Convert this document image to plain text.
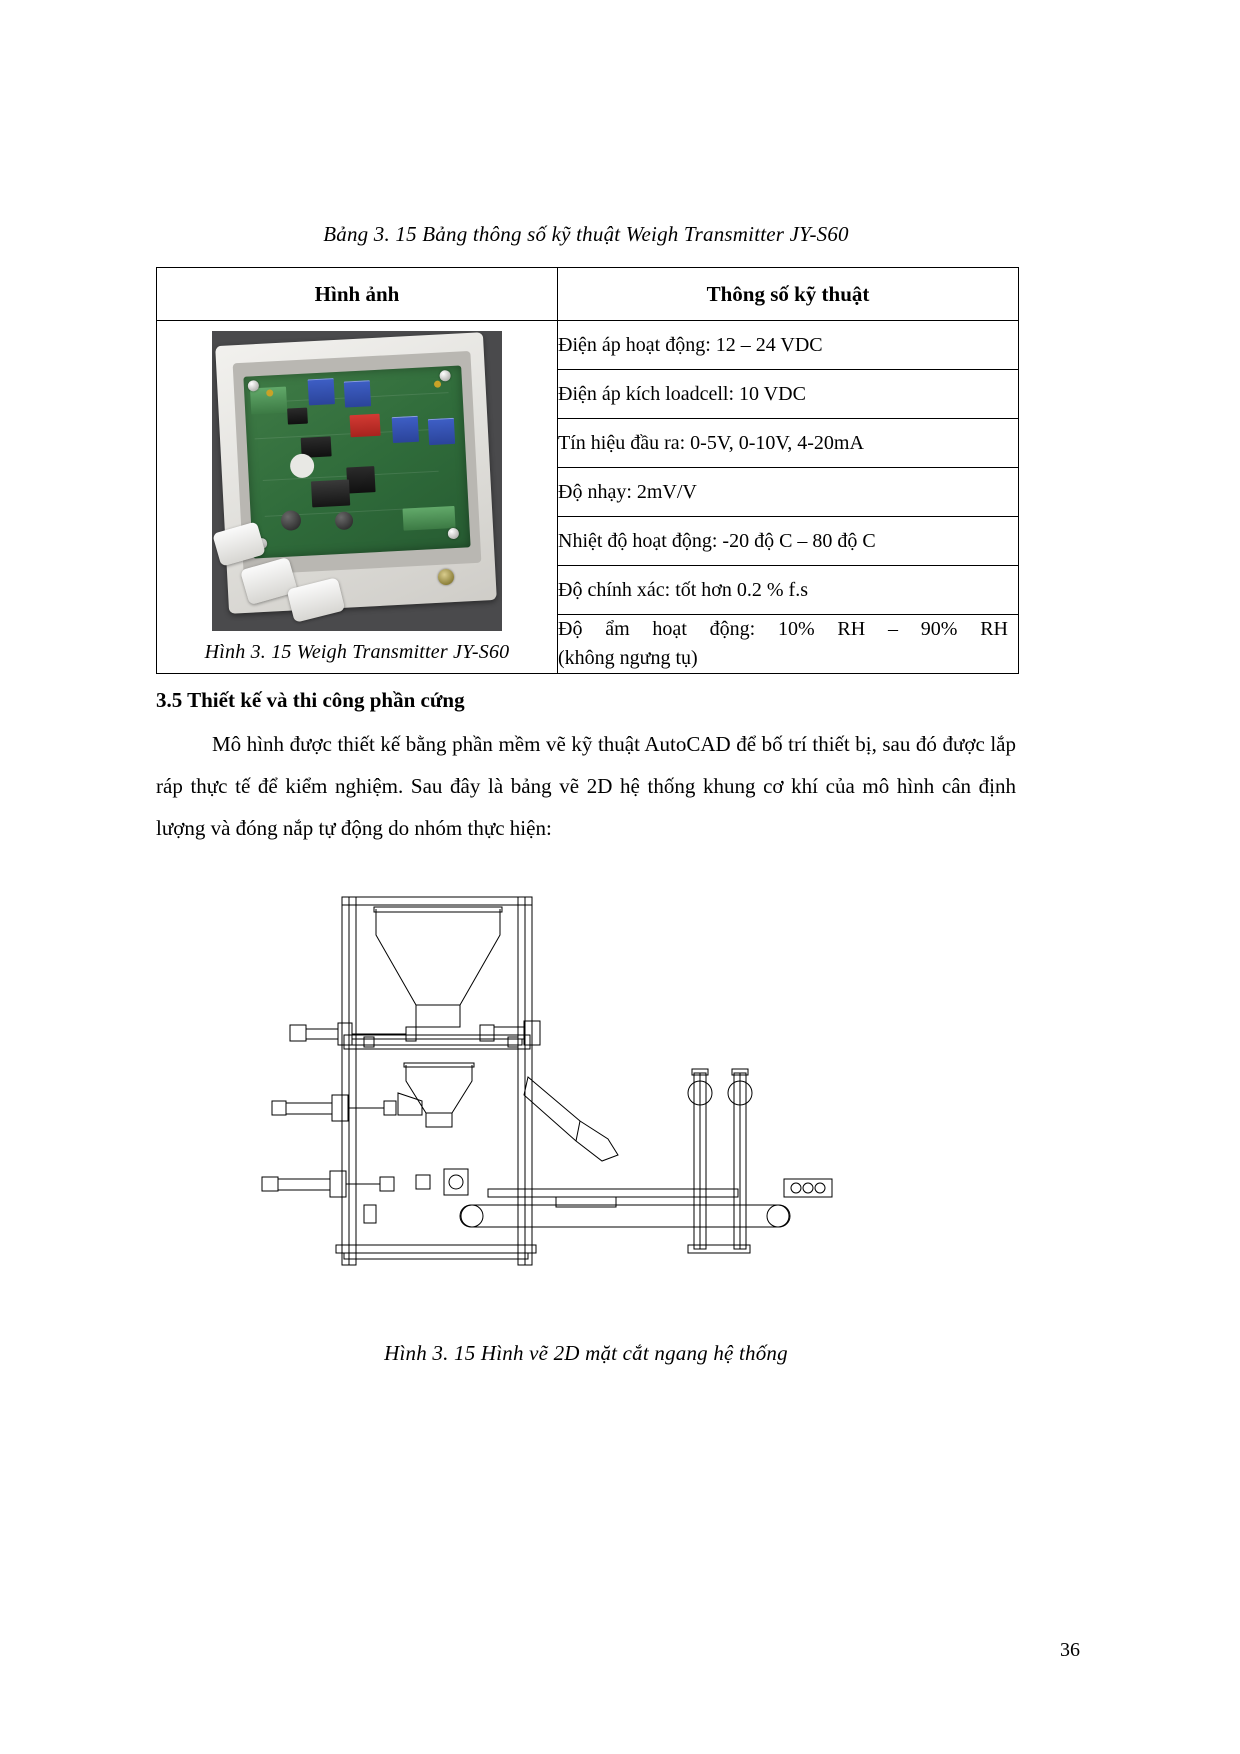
Bảng 3. 15 Bảng thông số kỹ thuật Weigh Transmitter JY-S60
Hình ảnh	Thông số kỹ thuật

Hình 3. 15 Weigh Transmitter JY-S60	Điện áp hoạt động: 12 – 24 VDC
	Điện áp kích loadcell: 10 VDC
	Tín hiệu đầu ra: 0-5V, 0-10V, 4-20mA
	Độ nhạy: 2mV/V
	Nhiệt độ hoạt động: -20 độ C – 80 độ C
	Độ chính xác: tốt hơn 0.2 % f.s

	Độ ẩm hoạt động: 10% RH – 90% RH
(không ngưng tụ)
3.5 Thiết kế và thi công phần cứng

Mô hình được thiết kế bằng phần mềm vẽ kỹ thuật AutoCAD để bố trí thiết bị, sau đó được lắp ráp thực tế để kiểm nghiệm. Sau đây là bảng vẽ 2D hệ thống khung cơ khí của mô hình cân định lượng và đóng nắp tự động do nhóm thực hiện:

Hình 3. 15 Hình vẽ 2D mặt cắt ngang hệ thống
36
